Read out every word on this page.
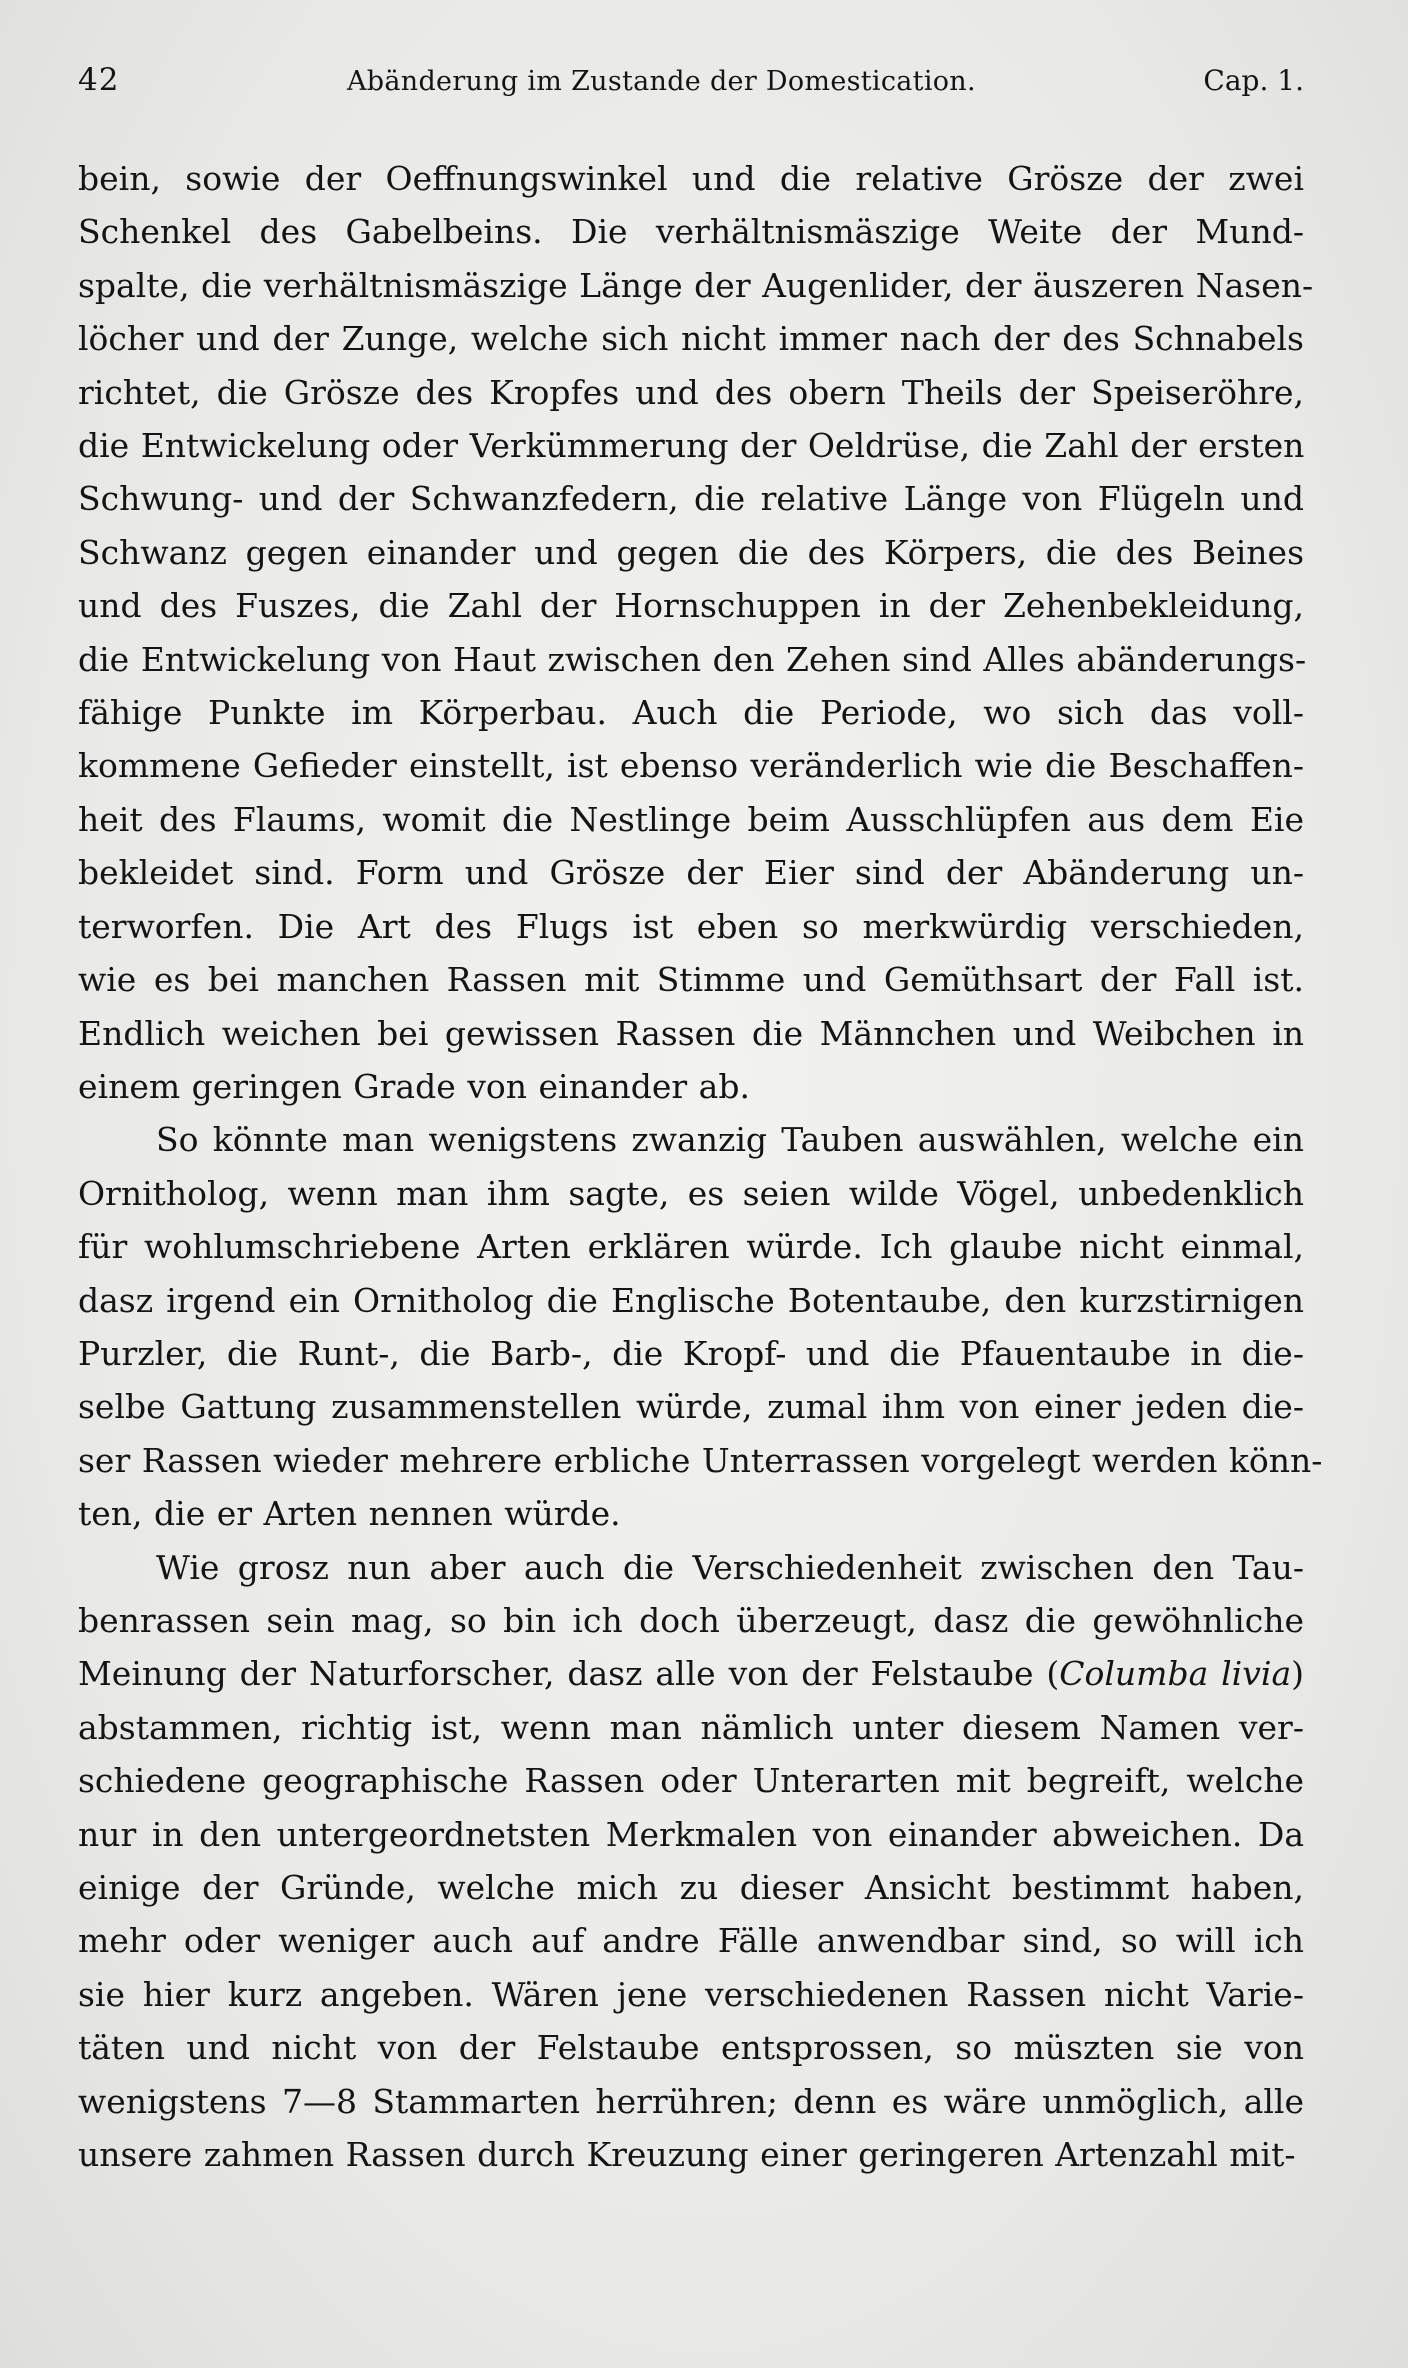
42	Abänderung im Zustande der Domestication.	Cap. 1.
bein, sowie der Oeffnungswinkel und die relative Grösze der zwei
Schenkel des Gabelbeins. Die verhältnismäszige Weite der Mund-
spalte, die verhältnismäszige Länge der Augenlider, der äuszeren Nasen-
löcher und der Zunge, welche sich nicht immer nach der des Schnabels
richtet, die Grösze des Kropfes und des obern Theils der Speiseröhre,
die Entwickelung oder Verkümmerung der Oeldrüse, die Zahl der ersten
Schwung- und der Schwanzfedern, die relative Länge von Flügeln und
Schwanz gegen einander und gegen die des Körpers, die des Beines
und des Fuszes, die Zahl der Hornschuppen in der Zehenbekleidung,
die Entwickelung von Haut zwischen den Zehen sind Alles abänderungs-
fähige Punkte im Körperbau. Auch die Periode, wo sich das voll-
kommene Gefieder einstellt, ist ebenso veränderlich wie die Beschaffen-
heit des Flaums, womit die Nestlinge beim Ausschlüpfen aus dem Eie
bekleidet sind. Form und Grösze der Eier sind der Abänderung un-
terworfen. Die Art des Flugs ist eben so merkwürdig verschieden,
wie es bei manchen Rassen mit Stimme und Gemüthsart der Fall ist.
Endlich weichen bei gewissen Rassen die Männchen und Weibchen in
einem geringen Grade von einander ab.
So könnte man wenigstens zwanzig Tauben auswählen, welche ein
Ornitholog, wenn man ihm sagte, es seien wilde Vögel, unbedenklich
für wohlumschriebene Arten erklären würde. Ich glaube nicht einmal,
dasz irgend ein Ornitholog die Englische Botentaube, den kurzstirnigen
Purzler, die Runt-, die Barb-, die Kropf- und die Pfauentaube in die-
selbe Gattung zusammenstellen würde, zumal ihm von einer jeden die-
ser Rassen wieder mehrere erbliche Unterrassen vorgelegt werden könn-
ten, die er Arten nennen würde.
Wie grosz nun aber auch die Verschiedenheit zwischen den Tau-
benrassen sein mag, so bin ich doch überzeugt, dasz die gewöhnliche
Meinung der Naturforscher, dasz alle von der Felstaube (Columba livia)
abstammen, richtig ist, wenn man nämlich unter diesem Namen ver-
schiedene geographische Rassen oder Unterarten mit begreift, welche
nur in den untergeordnetsten Merkmalen von einander abweichen. Da
einige der Gründe, welche mich zu dieser Ansicht bestimmt haben,
mehr oder weniger auch auf andre Fälle anwendbar sind, so will ich
sie hier kurz angeben. Wären jene verschiedenen Rassen nicht Varie-
täten und nicht von der Felstaube entsprossen, so müszten sie von
wenigstens 7—8 Stammarten herrühren; denn es wäre unmöglich, alle
unsere zahmen Rassen durch Kreuzung einer geringeren Artenzahl mit-
